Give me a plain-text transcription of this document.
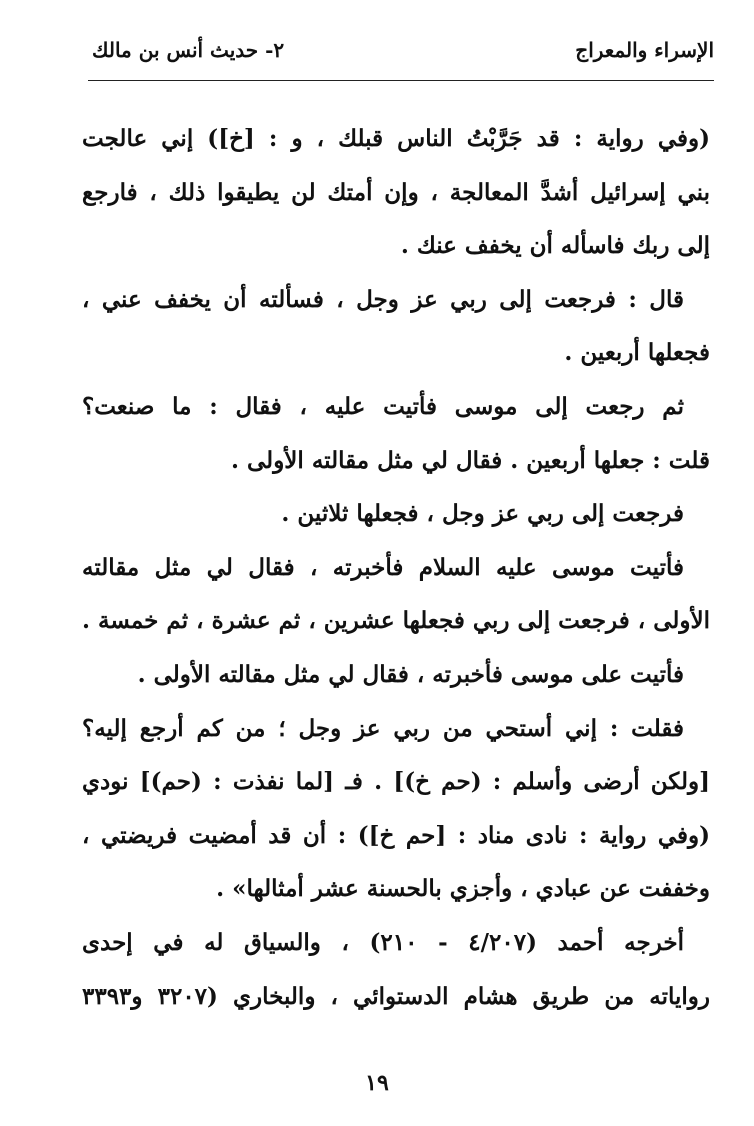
الإسراء والمعراج
٢- حديث أنس بن مالك
(وفي رواية : قد جَرَّبْتُ الناس قبلك ، و : [خ]) إني عالجت
بني إسرائيل أشدَّ المعالجة ، وإن أمتك لن يطيقوا ذلك ، فارجع
إلى ربك فاسأله أن يخفف عنك .
قال : فرجعت إلى ربي عز وجل ، فسألته أن يخفف عني ،
فجعلها أربعين .
ثم رجعت إلى موسى فأتيت عليه ، فقال : ما صنعت؟
قلت : جعلها أربعين . فقال لي مثل مقالته الأولى .
فرجعت إلى ربي عز وجل ، فجعلها ثلاثين .
فأتيت موسى عليه السلام فأخبرته ، فقال لي مثل مقالته
الأولى ، فرجعت إلى ربي فجعلها عشرين ، ثم عشرة ، ثم خمسة .
فأتيت على موسى فأخبرته ، فقال لي مثل مقالته الأولى .
فقلت : إني أستحي من ربي عز وجل ؛ من كم أرجع إليه؟
[ولكن أرضى وأسلم : (حم خ)] . فـ [لما نفذت : (حم)] نودي
(وفي رواية : نادى مناد : [حم خ]) : أن قد أمضيت فريضتي ،
وخففت عن عبادي ، وأجزي بالحسنة عشر أمثالها» .
أخرجه أحمد (٤/٢٠٧ - ٢١٠) ، والسياق له في إحدى
رواياته من طريق هشام الدستوائي ، والبخاري (٣٢٠٧ و٣٣٩٣
١٩
